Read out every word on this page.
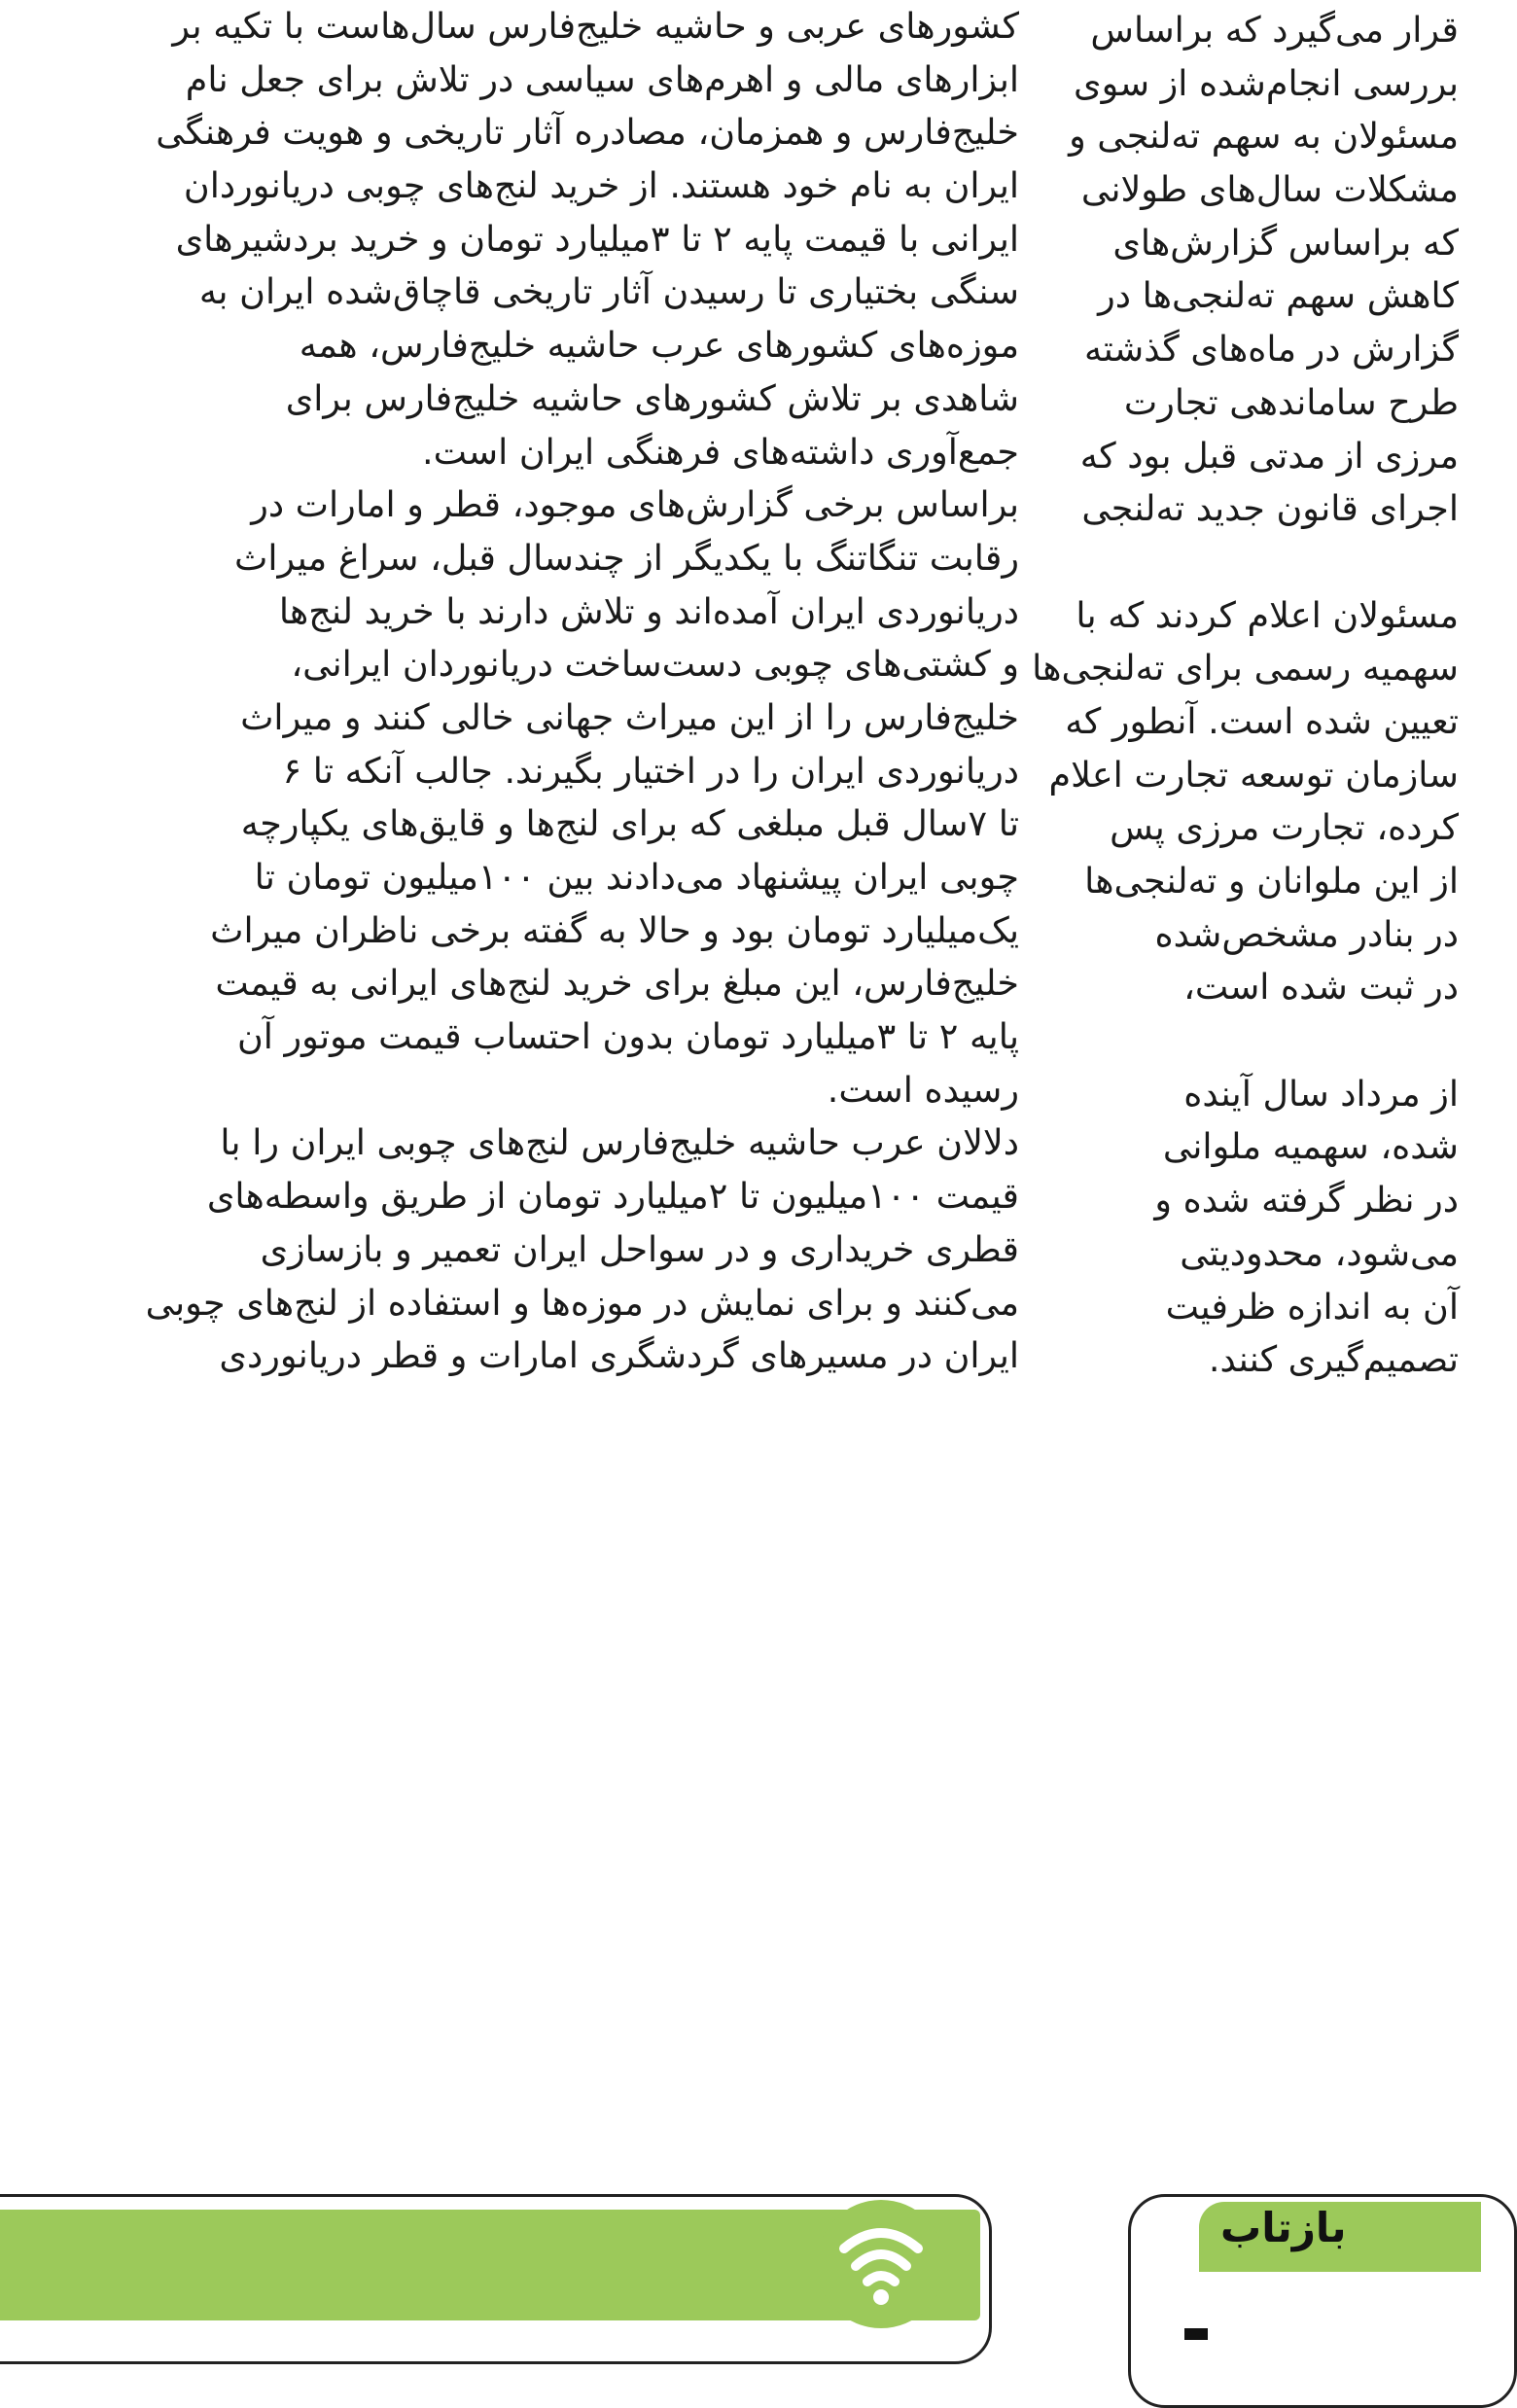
کشورهای عربی و حاشیه خلیج‌فارس سال‌هاست با تکیه بر
ابزارهای مالی و اهرم‌های سیاسی در تلاش برای جعل نام
خلیج‌فارس و همزمان، مصادره آثار تاریخی و هویت فرهنگی
ایران به نام خود هستند. از خرید لنج‌های چوبی دریانوردان
ایرانی با قیمت پایه ۲ تا ۳میلیارد تومان و خرید بردشیرهای
سنگی بختیاری تا رسیدن آثار تاریخی قاچاق‌شده ایران به
موزه‌های کشورهای عرب حاشیه خلیج‌فارس، همه
شاهدی بر تلاش کشورهای حاشیه خلیج‌فارس برای
جمع‌آوری داشته‌های فرهنگی ایران است.
براساس برخی گزارش‌های موجود، قطر و امارات در
رقابت تنگاتنگ با یکدیگر از چندسال قبل، سراغ میراث
دریانوردی ایران آمده‌اند و تلاش دارند با خرید لنج‌ها
و کشتی‌های چوبی دست‌ساخت دریانوردان ایرانی،
خلیج‌فارس را از این میراث جهانی خالی کنند و میراث
دریانوردی ایران را در اختیار بگیرند. جالب آنکه تا ۶
تا ۷سال قبل مبلغی که برای لنج‌ها و قایق‌های یکپارچه
چوبی ایران پیشنهاد می‌دادند بین ۱۰۰میلیون تومان تا
یک‌میلیارد تومان بود و حالا به گفته برخی ناظران میراث
خلیج‌فارس، این مبلغ برای خرید لنج‌های ایرانی به قیمت
پایه ۲ تا ۳میلیارد تومان بدون احتساب قیمت موتور آن
رسیده است.
دلالان عرب حاشیه خلیج‌فارس لنج‌های چوبی ایران را با
قیمت ۱۰۰میلیون تا ۲میلیارد تومان از طریق واسطه‌های
قطری خریداری و در سواحل ایران تعمیر و بازسازی
می‌کنند و برای نمایش در موزه‌ها و استفاده از لنج‌های چوبی
ایران در مسیرهای گردشگری امارات و قطر دریانوردی
قرار می‌گیرد که براساس
بررسی انجام‌شده از سوی
مسئولان به سهم ته‌لنجی و
مشکلات سال‌های طولانی
که براساس گزارش‌های
کاهش سهم ته‌لنجی‌ها در
گزارش در ماه‌های گذشته
طرح ساماندهی تجارت
مرزی از مدتی قبل بود که
اجرای قانون جدید ته‌لنجی
مسئولان اعلام کردند که با
سهمیه رسمی برای ته‌لنجی‌ها
تعیین شده است. آنطور که
سازمان توسعه تجارت اعلام
کرده، تجارت مرزی پس
از این ملوانان و ته‌لنجی‌ها
در بنادر مشخص‌شده
در ثبت شده است،
از مرداد سال آینده
شده، سهمیه ملوانی
در نظر گرفته شده و
می‌شود، محدودیتی
آن به اندازه ظرفیت
تصمیم‌گیری کنند.
بازتاب
